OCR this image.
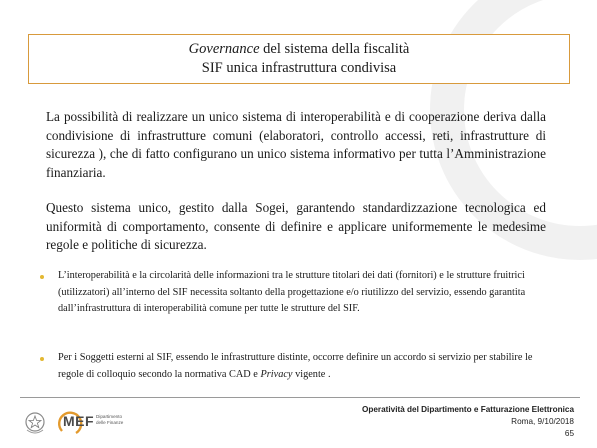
Governance del sistema della fiscalità
SIF unica infrastruttura condivisa
La possibilità di realizzare un unico sistema di interoperabilità e di cooperazione deriva dalla condivisione di infrastrutture comuni (elaboratori, controllo accessi, reti, infrastrutture di sicurezza ), che di fatto configurano un unico sistema informativo per tutta l’Amministrazione finanziaria.
Questo sistema unico, gestito dalla Sogei, garantendo standardizzazione tecnologica ed uniformità di comportamento, consente di definire e applicare uniformemente le medesime regole e politiche di sicurezza.
L’interoperabilità e la circolarità delle informazioni tra le strutture titolari dei dati (fornitori) e le strutture fruitrici (utilizzatori) all’interno del SIF necessita soltanto della progettazione e/o riutilizzo del servizio, essendo garantita dall’infrastruttura di interoperabilità comune per tutte le strutture del SIF.
Per i Soggetti esterni al SIF, essendo le infrastrutture distinte, occorre definire un accordo si servizio per stabilire le regole di colloquio secondo la normativa CAD e Privacy vigente .
MEF Dipartimento delle Finanze
Operatività del Dipartimento e Fatturazione Elettronica
Roma, 9/10/2018
65
